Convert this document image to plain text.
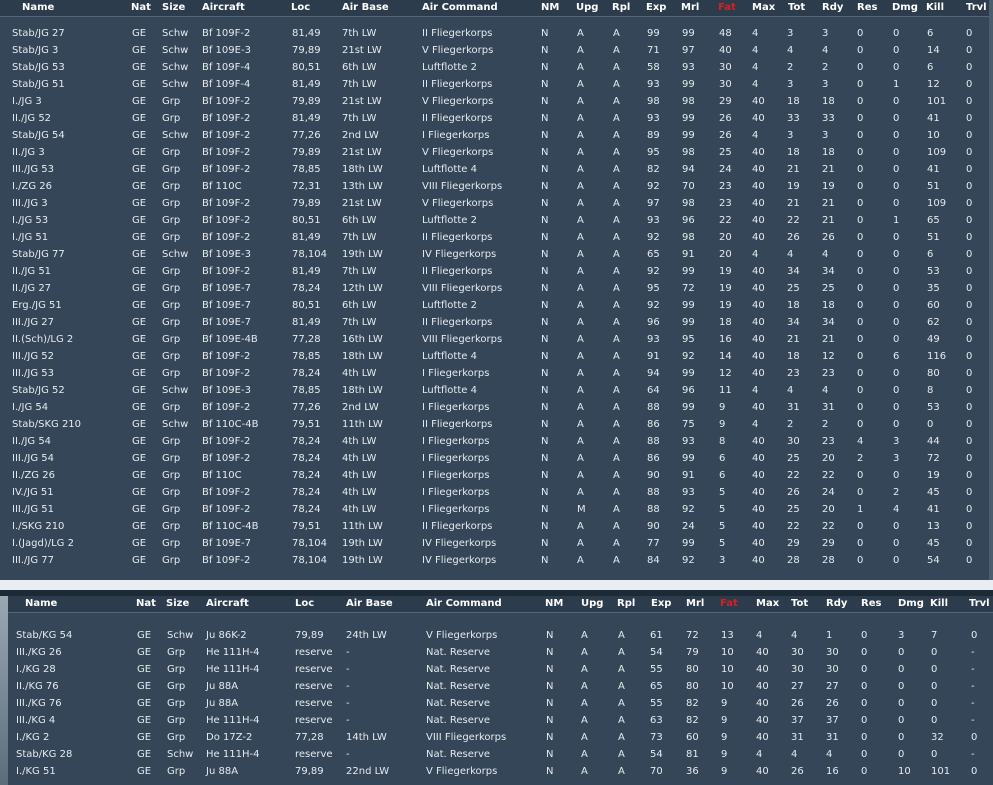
Name	Nat Size Aircraft	Loc	Air Base	Air Command	NM Upg Rpl Exp Mrl Fat Max Tot Rdy Res Dmg Kill Trvl
Stab/JG 27	GE Schw Bf 109F-2	81,49 7th LW	II Fliegerkorps	N	A	A	99 99 48 4	3	3	0	0	6	0
Stab/JG 3	GE Schw Bf 109E-3	79,89 21st LW	V Fliegerkorps	N	A	A	71 97 40 4	4	4	0	0	14	0
Stab/JG 53	GE Schw Bf 109F-4	80,51 6th LW	Luftflotte 2	N	A	A	58 93 30 4	2	2	0	0	6	0
Stab/JG 51	GE Schw Bf 109F-4	81,49 7th LW	II Fliegerkorps	N	A	A	93 99 30 4	3	3	0	1	12	0
I./JG 3	GE Grp Bf 109F-2	79,89 21st LW	V Fliegerkorps	N	A	A	98 98 29 40 18 18 0	0	101 0
II./JG 52	GE Grp Bf 109F-2	81,49 7th LW	II Fliegerkorps	N	A	A	93 99 26 40 33 33 0	0	41	0
Stab/JG 54	GE Schw Bf 109F-2	77,26 2nd LW	I Fliegerkorps	N	A	A	89 99 26 4	3	3	0	0	10	0
II./JG 3	GE Grp Bf 109F-2	79,89 21st LW	V Fliegerkorps	N	A	A	95 98 25 40 18 18 0	0	109 0
III./JG 53	GE Grp Bf 109F-2	78,85 18th LW	Luftflotte 4	N	A	A	82 94 24 40 21 21 0	0	41	0
I./ZG 26	GE Grp Bf 110C	72,31 13th LW	VIII Fliegerkorps	N	A	A	92 70 23 40 19 19 0	0	51	0
III./JG 3	GE Grp Bf 109F-2	79,89 21st LW	V Fliegerkorps	N	A	A	97 98 23 40 21 21 0	0	109 0
I./JG 53	GE Grp Bf 109F-2	80,51 6th LW	Luftflotte 2	N	A	A	93 96 22 40 22 21 0	1	65	0
I./JG 51	GE Grp Bf 109F-2	81,49 7th LW	II Fliegerkorps	N	A	A	92 98 20 40 26 26 0	0	51	0
Stab/JG 77	GE Schw Bf 109E-3	78,104 19th LW	IV Fliegerkorps	N	A	A	65 91 20 4	4	4	0	0	6	0
II./JG 51	GE Grp Bf 109F-2	81,49 7th LW	II Fliegerkorps	N	A	A	92 99 19 40 34 34 0	0	53	0
II./JG 27	GE Grp Bf 109E-7	78,24 12th LW	VIII Fliegerkorps	N	A	A	95 72 19 40 25 25 0	0	35	0
Erg./JG 51	GE Grp Bf 109E-7	80,51 6th LW	Luftflotte 2	N	A	A	92 99 19 40 18 18 0	0	60	0
III./JG 27	GE Grp Bf 109E-7	81,49 7th LW	II Fliegerkorps	N	A	A	96 99 18 40 34 34 0	0	62	0
II.(Sch)/LG 2	GE Grp Bf 109E-4B	77,28 16th LW	VIII Fliegerkorps	N	A	A	93 95 16 40 21 21 0	0	49	0
III./JG 52	GE Grp Bf 109F-2	78,85 18th LW	Luftflotte 4	N	A	A	91 92 14 40 18 12 0	6	116 0
III./JG 53	GE Grp Bf 109F-2	78,24 4th LW	I Fliegerkorps	N	A	A	94 99 12 40 23 23 0	0	80	0
Stab/JG 52	GE Schw Bf 109E-3	78,85 18th LW	Luftflotte 4	N	A	A	64 96 11 4	4	4	0	0	8	0
I./JG 54	GE Grp Bf 109F-2	77,26 2nd LW	I Fliegerkorps	N	A	A	88 99 9	40 31 31 0	0	53	0
Stab/SKG 210	GE Schw Bf 110C-4B	79,51 11th LW	II Fliegerkorps	N	A	A	86 75 9	4	2	2	0	0	0	0
II./JG 54	GE Grp Bf 109F-2	78,24 4th LW	I Fliegerkorps	N	A	A	88 93 8	40 30 23 4	3	44	0
III./JG 54	GE Grp Bf 109F-2	78,24 4th LW	I Fliegerkorps	N	A	A	86 99 6	40 25 20 2	3	72	0
II./ZG 26	GE Grp Bf 110C	78,24 4th LW	I Fliegerkorps	N	A	A	90 91 6	40 22 22 0	0	19	0
IV./JG 51	GE Grp Bf 109F-2	78,24 4th LW	I Fliegerkorps	N	A	A	88 93 5	40 26 24 0	2	45	0
III./JG 51	GE Grp Bf 109F-2	78,24 4th LW	I Fliegerkorps	N	M	A	88 92 5	40 25 20 1	4	41	0
I./SKG 210	GE Grp Bf 110C-4B	79,51 11th LW	II Fliegerkorps	N	A	A	90 24 5	40 22 22 0	0	13	0
I.(Jagd)/LG 2	GE Grp Bf 109E-7	78,104 19th LW	IV Fliegerkorps	N	A	A	77 99 5	40 29 29 0	0	45	0
III./JG 77	GE Grp Bf 109F-2	78,104 19th LW	IV Fliegerkorps	N	A	A	84 92 3	40 28 28 0	0	54	0
Name	Nat Size Aircraft	Loc	Air Base	Air Command	NM Upg Rpl Exp Mrl Fat Max Tot Rdy Res Dmg Kill Trvl
Stab/KG 54	GE Schw Ju 86K-2	79,89 24th LW	V Fliegerkorps	N	A	A	61 72 13 4	4	1	0	3	7	0
III./KG 26	GE Grp He 111H-4	reserve -	Nat. Reserve	N	A	A	54 79 10 40 30 30 0	0	0	-
I./KG 28	GE Grp He 111H-4	reserve -	Nat. Reserve	N	A	A	55 80 10 40 30 30 0	0	0	-
II./KG 76	GE Grp Ju 88A	reserve -	Nat. Reserve	N	A	A	65 80 10 40 27 27 0	0	0	-
III./KG 76	GE Grp Ju 88A	reserve -	Nat. Reserve	N	A	A	55 82 9	40 26 26 0	0	0	-
III./KG 4	GE Grp He 111H-4	reserve -	Nat. Reserve	N	A	A	63 82 9	40 37 37 0	0	0	-
I./KG 2	GE Grp Do 17Z-2	77,28 14th LW	VIII Fliegerkorps	N	A	A	73 60 9	40 31 31 0	0	32	0
Stab/KG 28	GE Schw He 111H-4	reserve -	Nat. Reserve	N	A	A	54 81 9	4	4	4	0	0	0	-
I./KG 51	GE Grp Ju 88A	79,89 22nd LW	V Fliegerkorps	N	A	A	70 36 9	40 26 16 0	10 101 0
